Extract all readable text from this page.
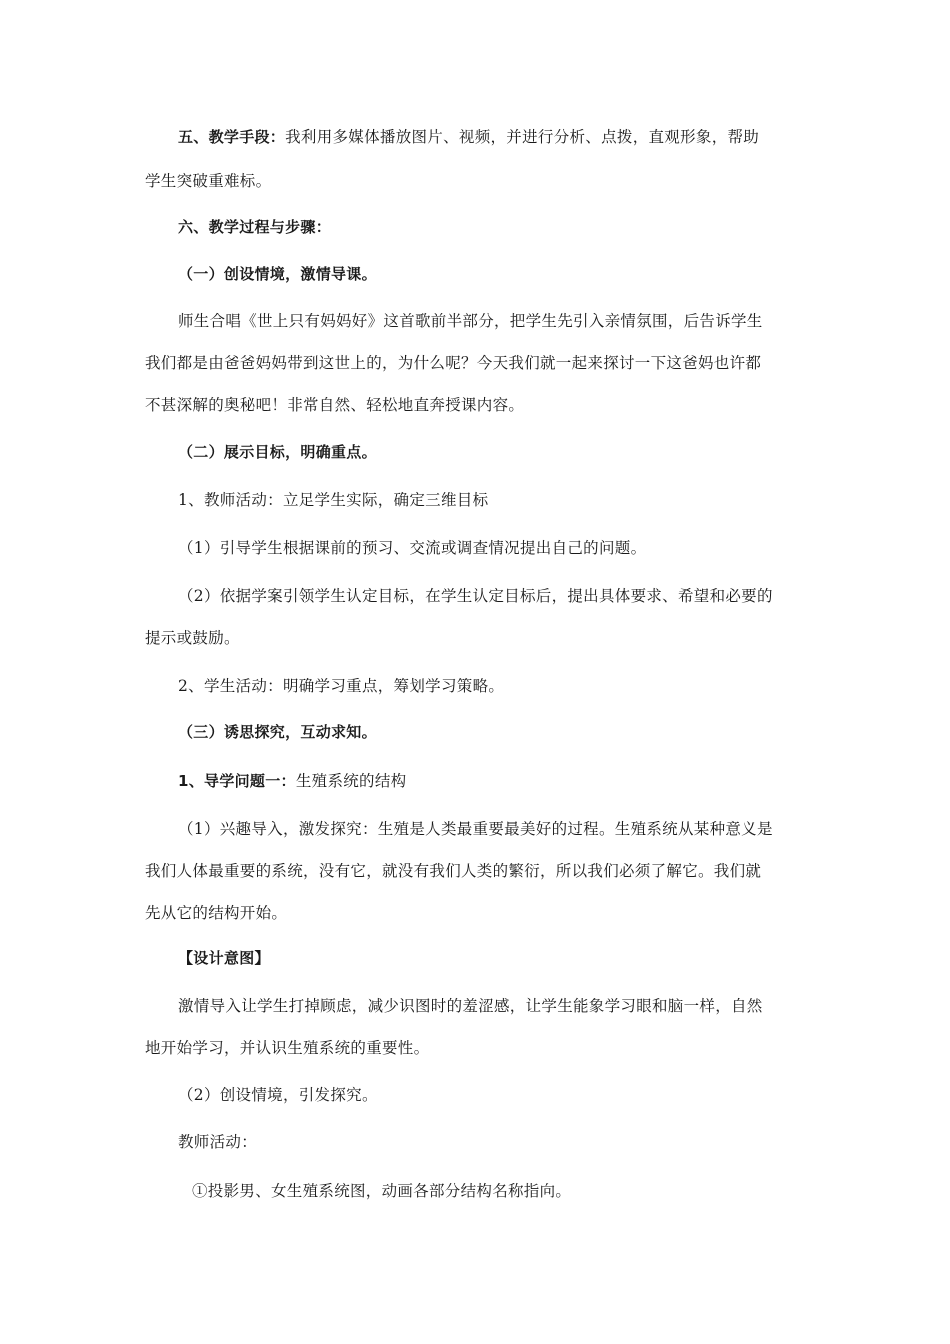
五、教学手段：我利用多媒体播放图片、视频，并进行分析、点拨，直观形象，帮助
学生突破重难标。
六、教学过程与步骤：
（一）创设情境，激情导课。
师生合唱《世上只有妈妈好》这首歌前半部分，把学生先引入亲情氛围，后告诉学生
我们都是由爸爸妈妈带到这世上的，为什么呢？今天我们就一起来探讨一下这爸妈也许都
不甚深解的奥秘吧！非常自然、轻松地直奔授课内容。
（二）展示目标，明确重点。
1、教师活动：立足学生实际，确定三维目标
（1）引导学生根据课前的预习、交流或调查情况提出自己的问题。
（2）依据学案引领学生认定目标，在学生认定目标后，提出具体要求、希望和必要的
提示或鼓励。
2、学生活动：明确学习重点，筹划学习策略。
（三）诱思探究，互动求知。
1、导学问题一：生殖系统的结构
（1）兴趣导入，激发探究：生殖是人类最重要最美好的过程。生殖系统从某种意义是
我们人体最重要的系统，没有它，就没有我们人类的繁衍，所以我们必须了解它。我们就
先从它的结构开始。
【设计意图】
激情导入让学生打掉顾虑，减少识图时的羞涩感，让学生能象学习眼和脑一样，自然
地开始学习，并认识生殖系统的重要性。
（2）创设情境，引发探究。
教师活动：
①投影男、女生殖系统图，动画各部分结构名称指向。
